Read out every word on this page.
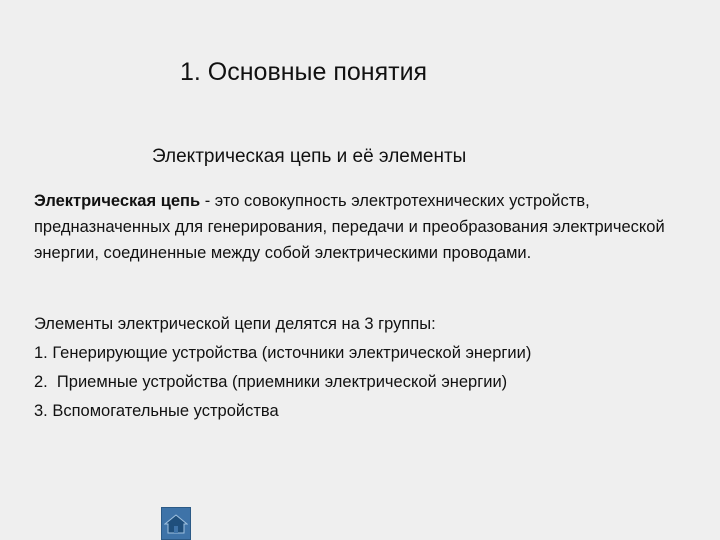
1. Основные понятия
Электрическая цепь и её элементы
Электрическая цепь - это совокупность электротехнических устройств, предназначенных для генерирования, передачи и преобразования электрической энергии, соединенные между собой электрическими проводами.
Элементы электрической цепи делятся на 3 группы:
1. Генерирующие устройства (источники электрической энергии)
2.  Приемные устройства (приемники электрической энергии)
3. Вспомогательные устройства
